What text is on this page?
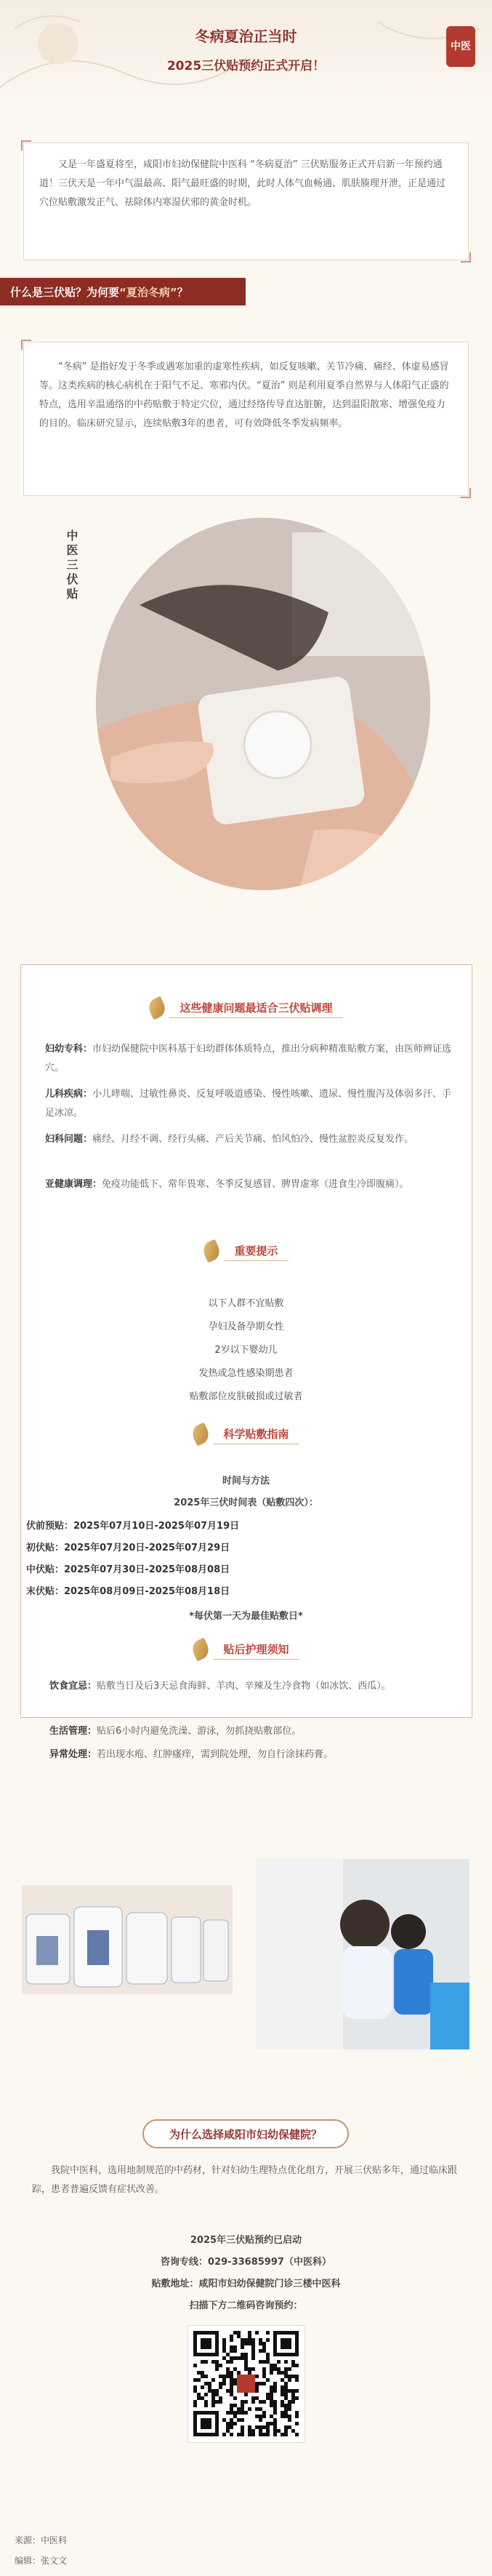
冬病夏治正当时
2025三伏贴预约正式开启！
中医
又是一年盛夏将至，咸阳市妇幼保健院中医科 “冬病夏治” 三伏贴服务正式开启新一年预约通道！三伏天是一年中气温最高、阳气最旺盛的时期，此时人体气血畅通、肌肤腠理开泄，正是通过穴位贴敷激发正气、祛除体内寒湿伏邪的黄金时机。
什么是三伏贴？为何要 “夏治冬病” ？
“冬病” 是指好发于冬季或遇寒加重的虚寒性疾病，如反复咳嗽、关节冷痛、痛经、体虚易感冒等。这类疾病的核心病机在于阳气不足、寒邪内伏。“夏治” 则是利用夏季自然界与人体阳气正盛的特点，选用辛温通络的中药贴敷于特定穴位，通过经络传导直达脏腑，达到温阳散寒、增强免疫力的目的。临床研究显示，连续贴敷3年的患者，可有效降低冬季发病频率。
中医三伏贴
这些健康问题最适合三伏贴调理
妇幼专科：市妇幼保健院中医科基于妇幼群体体质特点，推出分病种精准贴敷方案，由医师辨证选穴。
儿科疾病：小儿哮喘、过敏性鼻炎、反复呼吸道感染、慢性咳嗽、遗尿、慢性腹泻及体弱多汗、手足冰凉。
妇科问题：痛经、月经不调、经行头痛、产后关节痛、怕风怕冷、慢性盆腔炎反复发作。
亚健康调理：免疫功能低下、常年畏寒、冬季反复感冒、脾胃虚寒（进食生冷即腹痛）。
重要提示
以下人群不宜贴敷
孕妇及备孕期女性
2岁以下婴幼儿
发热或急性感染期患者
贴敷部位皮肤破损或过敏者
科学贴敷指南
时间与方法
2025年三伏时间表（贴敷四次）：
伏前预贴：2025年07月10日-2025年07月19日
初伏贴：2025年07月20日-2025年07月29日
中伏贴：2025年07月30日-2025年08月08日
末伏贴：2025年08月09日-2025年08月18日
*每伏第一天为最佳贴敷日*
贴后护理须知
饮食宜忌：贴敷当日及后3天忌食海鲜、羊肉、辛辣及生冷食物（如冰饮、西瓜）。
生活管理：贴后6小时内避免洗澡、游泳，勿抓挠贴敷部位。
异常处理：若出现水疱、红肿瘙痒，需到院处理，勿自行涂抹药膏。
为什么选择咸阳市妇幼保健院？
我院中医科，选用地制规范的中药材，针对妇幼生理特点优化组方，开展三伏贴多年，通过临床跟踪，患者普遍反馈有症状改善。
2025年三伏贴预约已启动
咨询专线：029-33685997（中医科）
贴敷地址：咸阳市妇幼保健院门诊三楼中医科
扫描下方二维码咨询预约：
来源：中医科
编辑：张文文
